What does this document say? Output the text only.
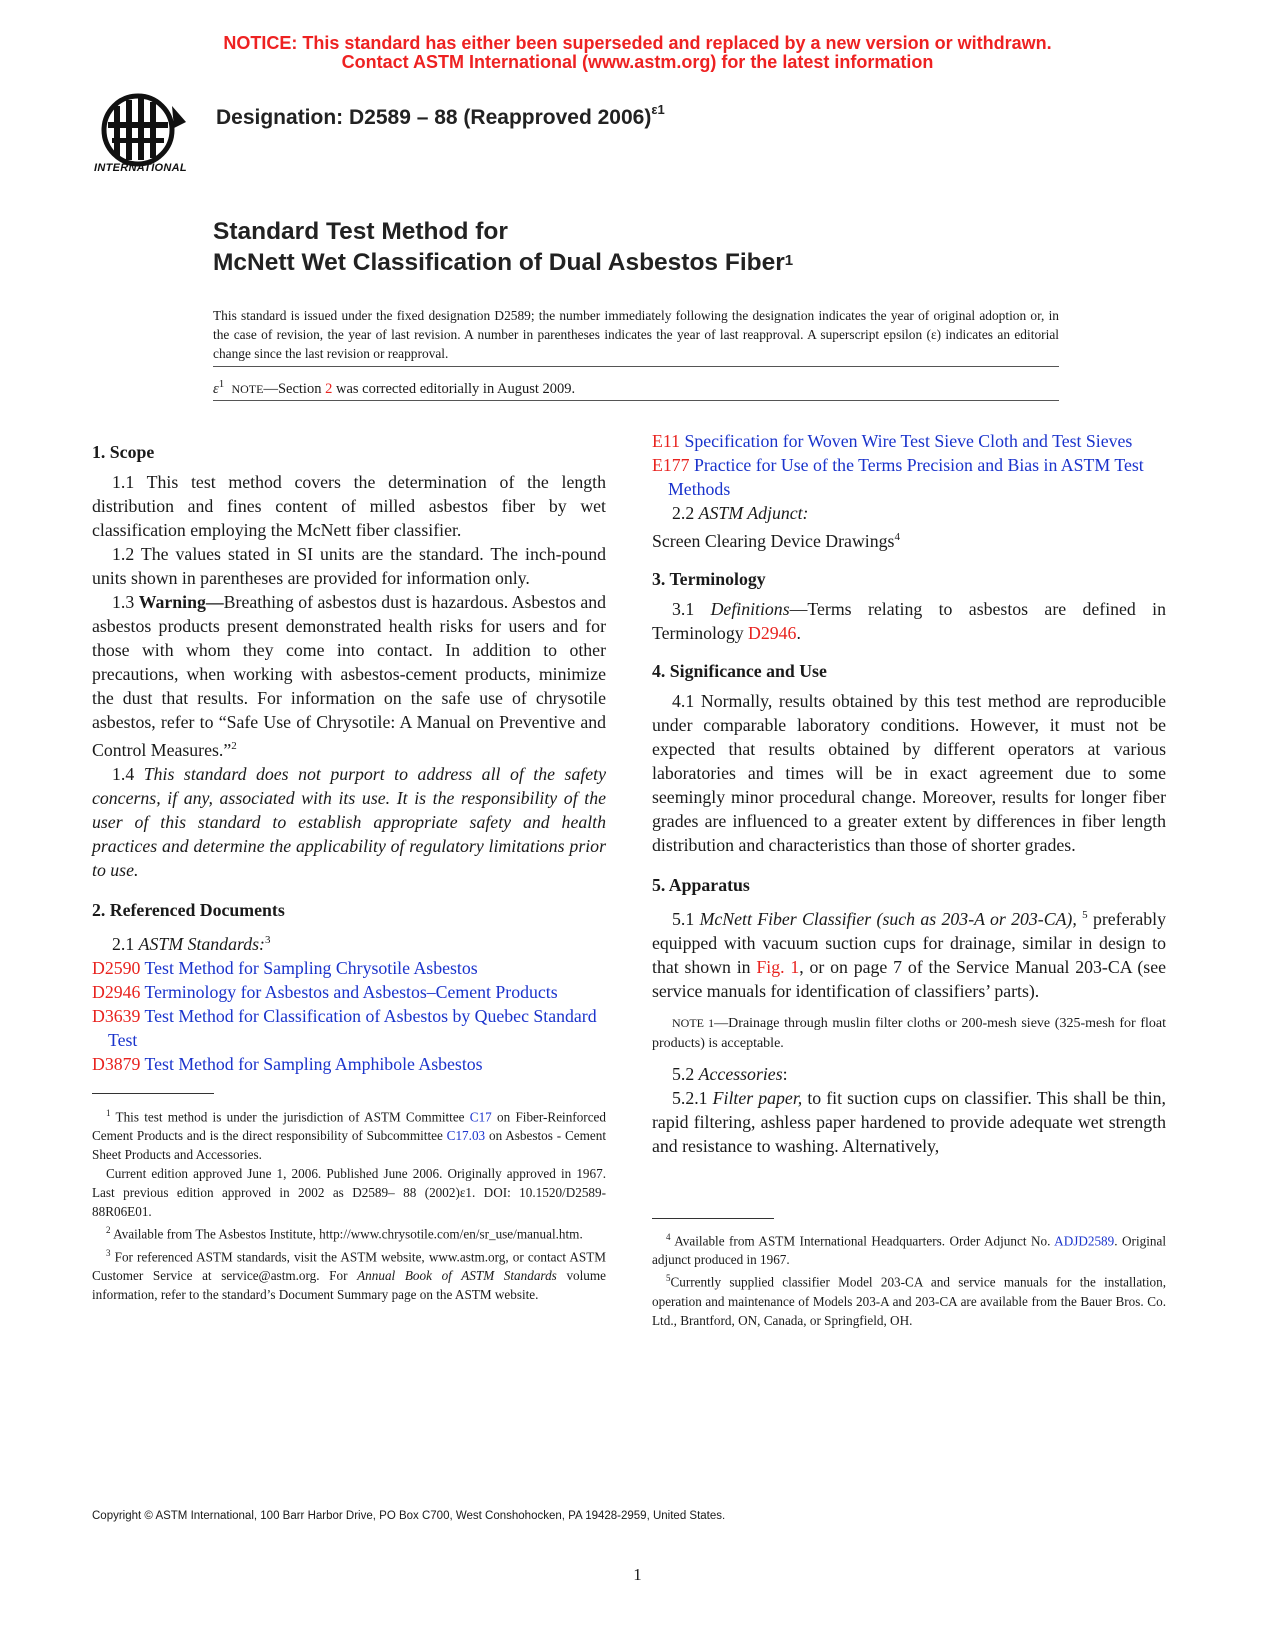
NOTICE: This standard has either been superseded and replaced by a new version or withdrawn.
Contact ASTM International (www.astm.org) for the latest information
INTERNATIONAL
Designation: D2589 – 88 (Reapproved 2006)$^{\varepsilon 1}$
Standard Test Method for
McNett Wet Classification of Dual Asbestos Fiber$^1$
This standard is issued under the fixed designation D2589; the number immediately following the designation indicates the year of original adoption or, in the case of revision, the year of last revision. A number in parentheses indicates the year of last reapproval. A superscript epsilon (ε) indicates an editorial change since the last revision or reapproval.
$\varepsilon^1$ NOTE—Section 2 was corrected editorially in August 2009.

1. Scope

1.1 This test method covers the determination of the length distribution and fines content of milled asbestos fiber by wet classification employing the McNett fiber classifier.

1.2 The values stated in SI units are the standard. The inch-pound units shown in parentheses are provided for information only.

1.3 Warning—Breathing of asbestos dust is hazardous. Asbestos and asbestos products present demonstrated health risks for users and for those with whom they come into contact. In addition to other precautions, when working with asbestos-cement products, minimize the dust that results. For information on the safe use of chrysotile asbestos, refer to “Safe Use of Chrysotile: A Manual on Preventive and Control Measures.”$^2$

1.4 This standard does not purport to address all of the safety concerns, if any, associated with its use. It is the responsibility of the user of this standard to establish appropriate safety and health practices and determine the applicability of regulatory limitations prior to use.

2. Referenced Documents

2.1 ASTM Standards:$^3$

D2590 Test Method for Sampling Chrysotile Asbestos

D2946 Terminology for Asbestos and Asbestos–Cement Products

D3639 Test Method for Classification of Asbestos by Quebec Standard Test

D3879 Test Method for Sampling Amphibole Asbestos

$^1$ This test method is under the jurisdiction of ASTM Committee C17 on Fiber-Reinforced Cement Products and is the direct responsibility of Subcommittee C17.03 on Asbestos - Cement Sheet Products and Accessories.

Current edition approved June 1, 2006. Published June 2006. Originally approved in 1967. Last previous edition approved in 2002 as D2589– 88 (2002)ε1. DOI: 10.1520/D2589-88R06E01.

$^2$ Available from The Asbestos Institute, http://www.chrysotile.com/en/sr_use/manual.htm.

$^3$ For referenced ASTM standards, visit the ASTM website, www.astm.org, or contact ASTM Customer Service at service@astm.org. For Annual Book of ASTM Standards volume information, refer to the standard’s Document Summary page on the ASTM website.

E11 Specification for Woven Wire Test Sieve Cloth and Test Sieves

E177 Practice for Use of the Terms Precision and Bias in ASTM Test Methods

2.2 ASTM Adjunct:

Screen Clearing Device Drawings$^4$

3. Terminology

3.1 Definitions—Terms relating to asbestos are defined in Terminology D2946.

4. Significance and Use

4.1 Normally, results obtained by this test method are reproducible under comparable laboratory conditions. However, it must not be expected that results obtained by different operators at various laboratories and times will be in exact agreement due to some seemingly minor procedural change. Moreover, results for longer fiber grades are influenced to a greater extent by differences in fiber length distribution and characteristics than those of shorter grades.

5. Apparatus

5.1 McNett Fiber Classifier (such as 203-A or 203-CA), $^5$ preferably equipped with vacuum suction cups for drainage, similar in design to that shown in Fig. 1, or on page 7 of the Service Manual 203-CA (see service manuals for identification of classifiers’ parts).

NOTE 1—Drainage through muslin filter cloths or 200-mesh sieve (325-mesh for float products) is acceptable.

5.2 Accessories:

5.2.1 Filter paper, to fit suction cups on classifier. This shall be thin, rapid filtering, ashless paper hardened to provide adequate wet strength and resistance to washing. Alternatively,

$^4$ Available from ASTM International Headquarters. Order Adjunct No. ADJD2589. Original adjunct produced in 1967.

$^5$Currently supplied classifier Model 203-CA and service manuals for the installation, operation and maintenance of Models 203-A and 203-CA are available from the Bauer Bros. Co. Ltd., Brantford, ON, Canada, or Springfield, OH.

Copyright © ASTM International, 100 Barr Harbor Drive, PO Box C700, West Conshohocken, PA 19428-2959, United States.
1
